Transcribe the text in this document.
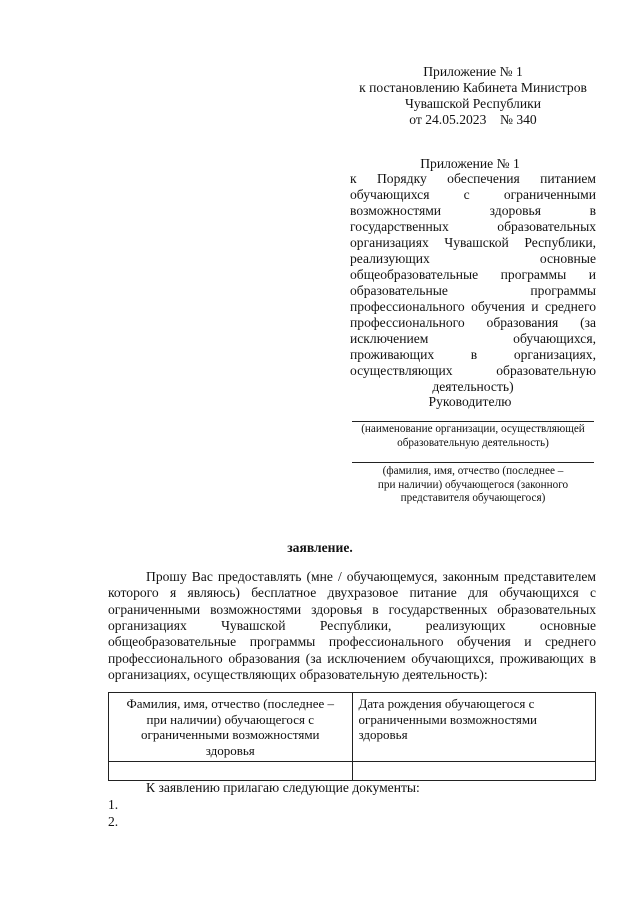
Приложение № 1
к постановлению Кабинета Министров
Чувашской Республики
от 24.05.2023    № 340
Приложение № 1
к Порядку обеспечения питанием обучающихся с ограниченными возможностями здоровья в государственных образовательных организациях Чувашской Республики, реализующих основные общеобразовательные программы и образовательные программы профессионального обучения и среднего профессионального образования (за исключением обучающихся, проживающих в организациях, осуществляющих образовательную деятельность)
Руководителю
(наименование организации, осуществляющей
образовательную деятельность)
(фамилия, имя, отчество (последнее –
при наличии) обучающегося (законного
представителя обучающегося)
заявление.
Прошу Вас предоставлять (мне / обучающемуся, законным представителем которого я являюсь) бесплатное двухразовое питание для обучающихся с ограниченными возможностями здоровья в государственных образовательных организациях Чувашской Республики, реализующих основные общеобразовательные программы профессионального обучения и среднего профессионального образования (за исключением обучающихся, проживающих в организациях, осуществляющих образовательную деятельность):
Фамилия, имя, отчество (последнее – при наличии) обучающегося с ограниченными возможностями здоровья	Дата рождения обучающегося с ограниченными возможностями здоровья

К заявлению прилагаю следующие документы:
1.
2.
